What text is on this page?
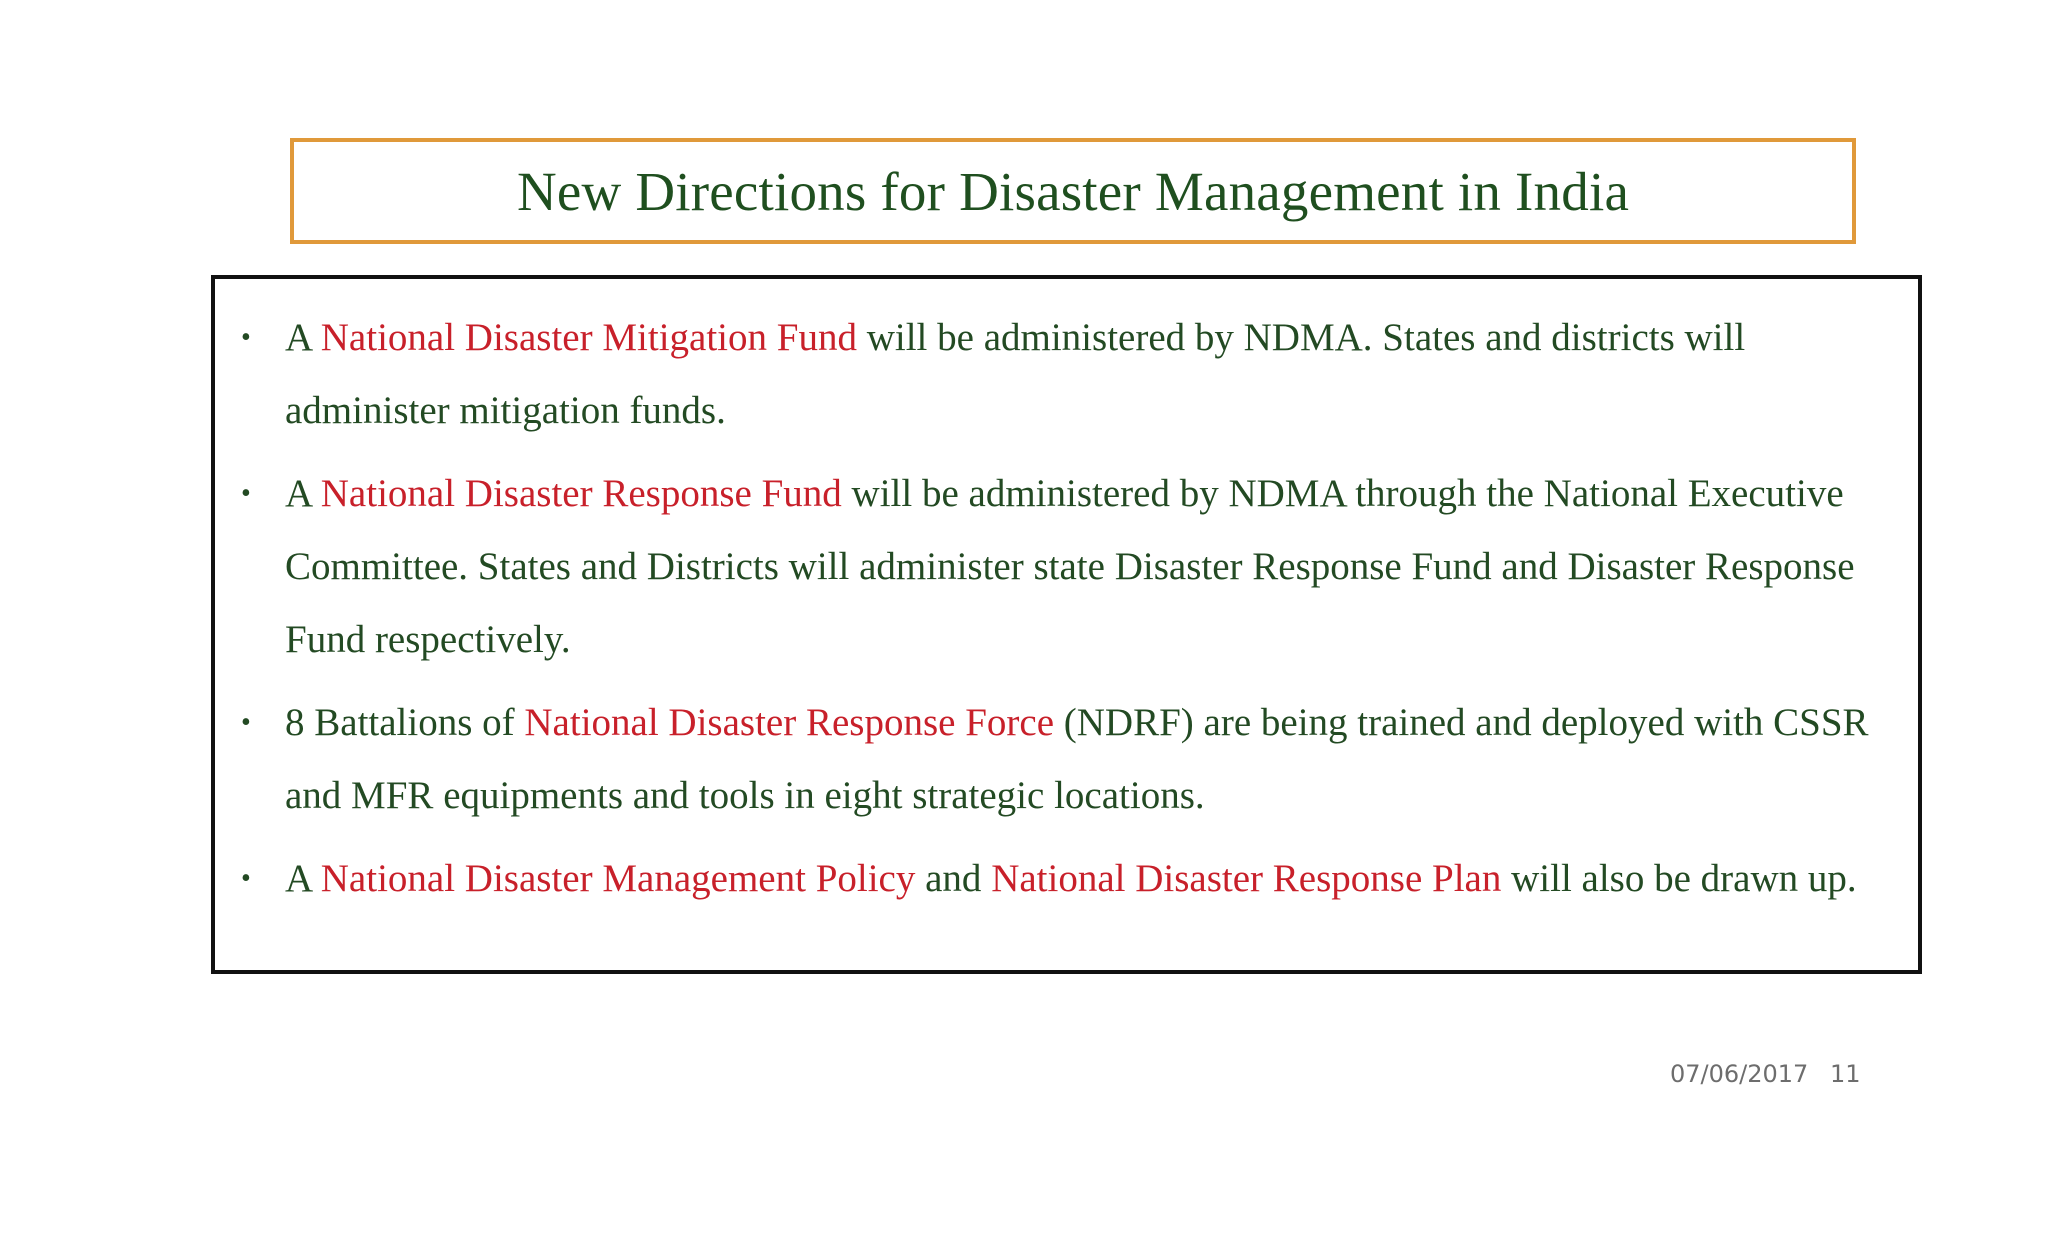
New Directions for Disaster Management in India
• A National Disaster Mitigation Fund will be administered by NDMA. States and districts will administer mitigation funds.
• A National Disaster Response Fund will be administered by NDMA through the National Executive Committee. States and Districts will administer state Disaster Response Fund and Disaster Response Fund respectively.
• 8 Battalions of National Disaster Response Force (NDRF) are being trained and deployed with CSSR and MFR equipments and tools in eight strategic locations.
• A National Disaster Management Policy and National Disaster Response Plan will also be drawn up.
07/06/2017 11
